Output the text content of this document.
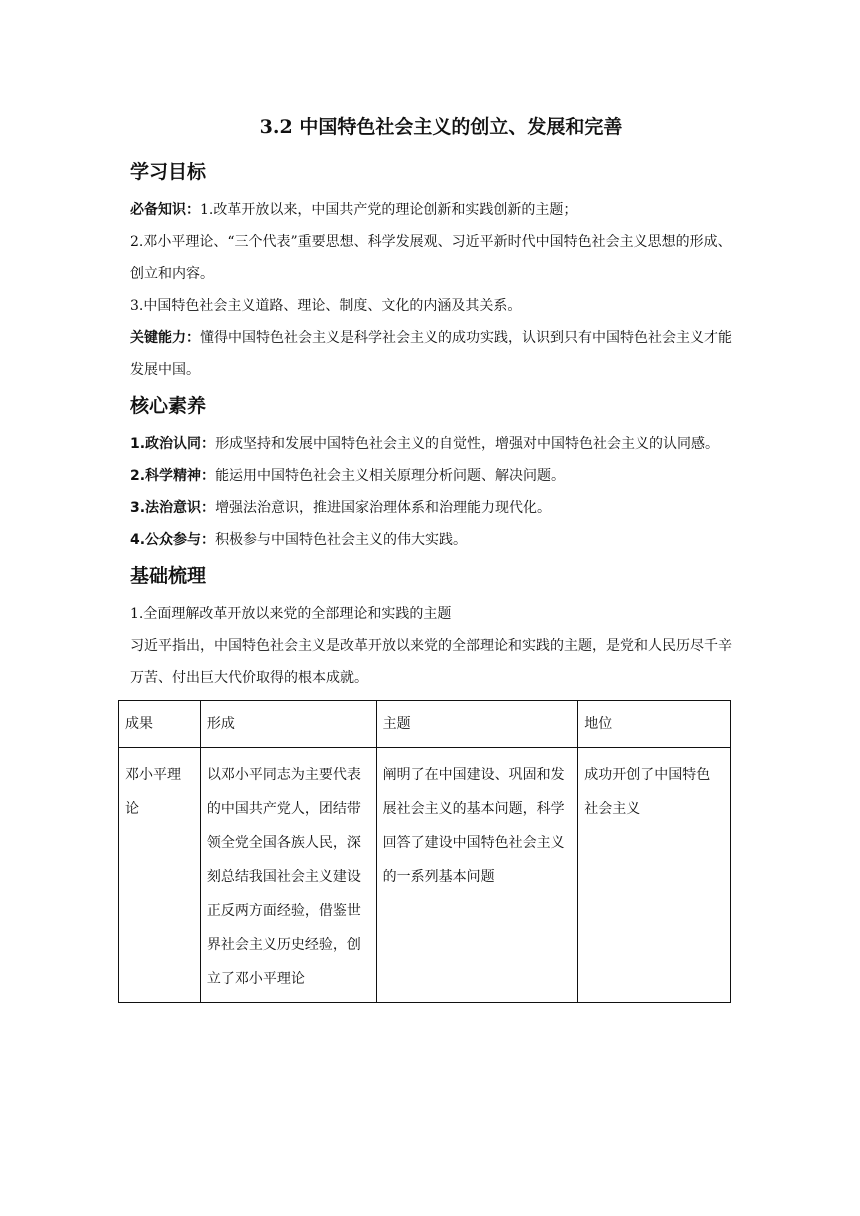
3.2 中国特色社会主义的创立、发展和完善
学习目标

必备知识：1.改革开放以来，中国共产党的理论创新和实践创新的主题；

2.邓小平理论、“三个代表”重要思想、科学发展观、习近平新时代中国特色社会主义思想的形成、创立和内容。

3.中国特色社会主义道路、理论、制度、文化的内涵及其关系。

关键能力：懂得中国特色社会主义是科学社会主义的成功实践，认识到只有中国特色社会主义才能发展中国。

核心素养

1.政治认同：形成坚持和发展中国特色社会主义的自觉性，增强对中国特色社会主义的认同感。

2.科学精神：能运用中国特色社会主义相关原理分析问题、解决问题。

3.法治意识：增强法治意识，推进国家治理体系和治理能力现代化。

4.公众参与：积极参与中国特色社会主义的伟大实践。

基础梳理

1.全面理解改革开放以来党的全部理论和实践的主题

习近平指出，中国特色社会主义是改革开放以来党的全部理论和实践的主题，是党和人民历尽千辛万苦、付出巨大代价取得的根本成就。

成果	形成	主题	地位
邓小平理论	以邓小平同志为主要代表的中国共产党人，团结带领全党全国各族人民，深刻总结我国社会主义建设正反两方面经验，借鉴世界社会主义历史经验，创立了邓小平理论	阐明了在中国建设、巩固和发展社会主义的基本问题，科学回答了建设中国特色社会主义的一系列基本问题	成功开创了中国特色社会主义
